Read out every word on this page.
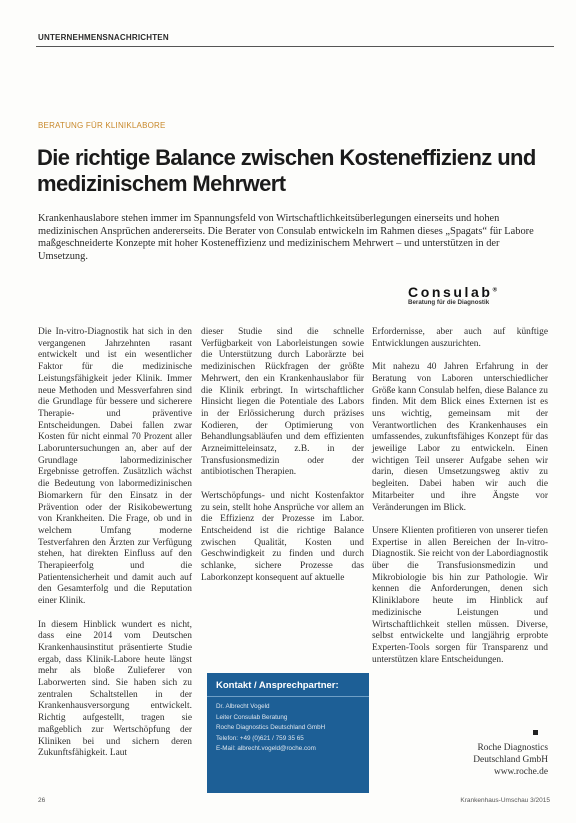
UNTERNEHMENSNACHRICHTEN
BERATUNG FÜR KLINIKLABORE
Die richtige Balance zwischen Kosteneffizienz und medizinischem Mehrwert

Krankenhauslabore stehen immer im Spannungsfeld von Wirtschaftlichkeitsüberlegungen einerseits und hohen medizinischen Ansprüchen andererseits. Die Berater von Consulab entwickeln im Rahmen dieses „Spagats“ für Labore maßgeschneiderte Konzepte mit hoher Kosteneffizienz und medizinischem Mehrwert – und unterstützen in der Umsetzung.

Consulab®
Beratung für die Diagnostik

Die In-vitro-Diagnostik hat sich in den vergangenen Jahrzehnten rasant entwickelt und ist ein wesentlicher Faktor für die medizinische Leistungsfähigkeit jeder Klinik. Immer neue Methoden und Messverfahren sind die Grundlage für bessere und sicherere Therapie- und präventive Entscheidungen. Dabei fallen zwar Kosten für nicht einmal 70 Prozent aller Laboruntersuchungen an, aber auf der Grundlage labormedizinischer Ergebnisse getroffen. Zusätzlich wächst die Bedeutung von labormedizinischen Biomarkern für den Einsatz in der Prävention oder der Risikobewertung von Krankheiten. Die Frage, ob und in welchem Umfang moderne Testverfahren den Ärzten zur Verfügung stehen, hat direkten Einfluss auf den Therapieerfolg und die Patientensicherheit und damit auch auf den Gesamterfolg und die Reputation einer Klinik.

In diesem Hinblick wundert es nicht, dass eine 2014 vom Deutschen Krankenhausinstitut präsentierte Studie ergab, dass Klinik-Labore heute längst mehr als bloße Zulieferer von Laborwerten sind. Sie haben sich zu zentralen Schaltstellen in der Krankenhausversorgung entwickelt. Richtig aufgestellt, tragen sie maßgeblich zur Wertschöpfung der Kliniken bei und sichern deren Zukunftsfähigkeit. Laut

dieser Studie sind die schnelle Verfügbarkeit von Laborleistungen sowie die Unterstützung durch Laborärzte bei medizinischen Rückfragen der größte Mehrwert, den ein Krankenhauslabor für die Klinik erbringt. In wirtschaftlicher Hinsicht liegen die Potentiale des Labors in der Erlössicherung durch präzises Kodieren, der Optimierung von Behandlungsabläufen und dem effizienten Arzneimitteleinsatz, z.B. in der Transfusionsmedizin oder der antibiotischen Therapien.

Wertschöpfungs- und nicht Kostenfaktor zu sein, stellt hohe Ansprüche vor allem an die Effizienz der Prozesse im Labor. Entscheidend ist die richtige Balance zwischen Qualität, Kosten und Geschwindigkeit zu finden und durch schlanke, sichere Prozesse das Laborkonzept konsequent auf aktuelle

Kontakt / Ansprechpartner:
Dr. Albrecht Vogeld
Leiter Consulab Beratung
Roche Diagnostics Deutschland GmbH
Telefon: +49 (0)621 / 759 35 65
E-Mail: albrecht.vogeld@roche.com

Erfordernisse, aber auch auf künftige Entwicklungen auszurichten.

Mit nahezu 40 Jahren Erfahrung in der Beratung von Laboren unterschiedlicher Größe kann Consulab helfen, diese Balance zu finden. Mit dem Blick eines Externen ist es uns wichtig, gemeinsam mit der Verantwortlichen des Krankenhauses ein umfassendes, zukunftsfähiges Konzept für das jeweilige Labor zu entwickeln. Einen wichtigen Teil unserer Aufgabe sehen wir darin, diesen Umsetzungsweg aktiv zu begleiten. Dabei haben wir auch die Mitarbeiter und ihre Ängste vor Veränderungen im Blick.

Unsere Klienten profitieren von unserer tiefen Expertise in allen Bereichen der In-vitro-Diagnostik. Sie reicht von der Labordiagnostik über die Transfusionsmedizin und Mikrobiologie bis hin zur Pathologie. Wir kennen die Anforderungen, denen sich Kliniklabore heute im Hinblick auf medizinische Leistungen und Wirtschaftlichkeit stellen müssen. Diverse, selbst entwickelte und langjährig erprobte Experten-Tools sorgen für Transparenz und unterstützen klare Entscheidungen.

Roche Diagnostics
Deutschland GmbH
www.roche.de
26	Krankenhaus-Umschau 3/2015
